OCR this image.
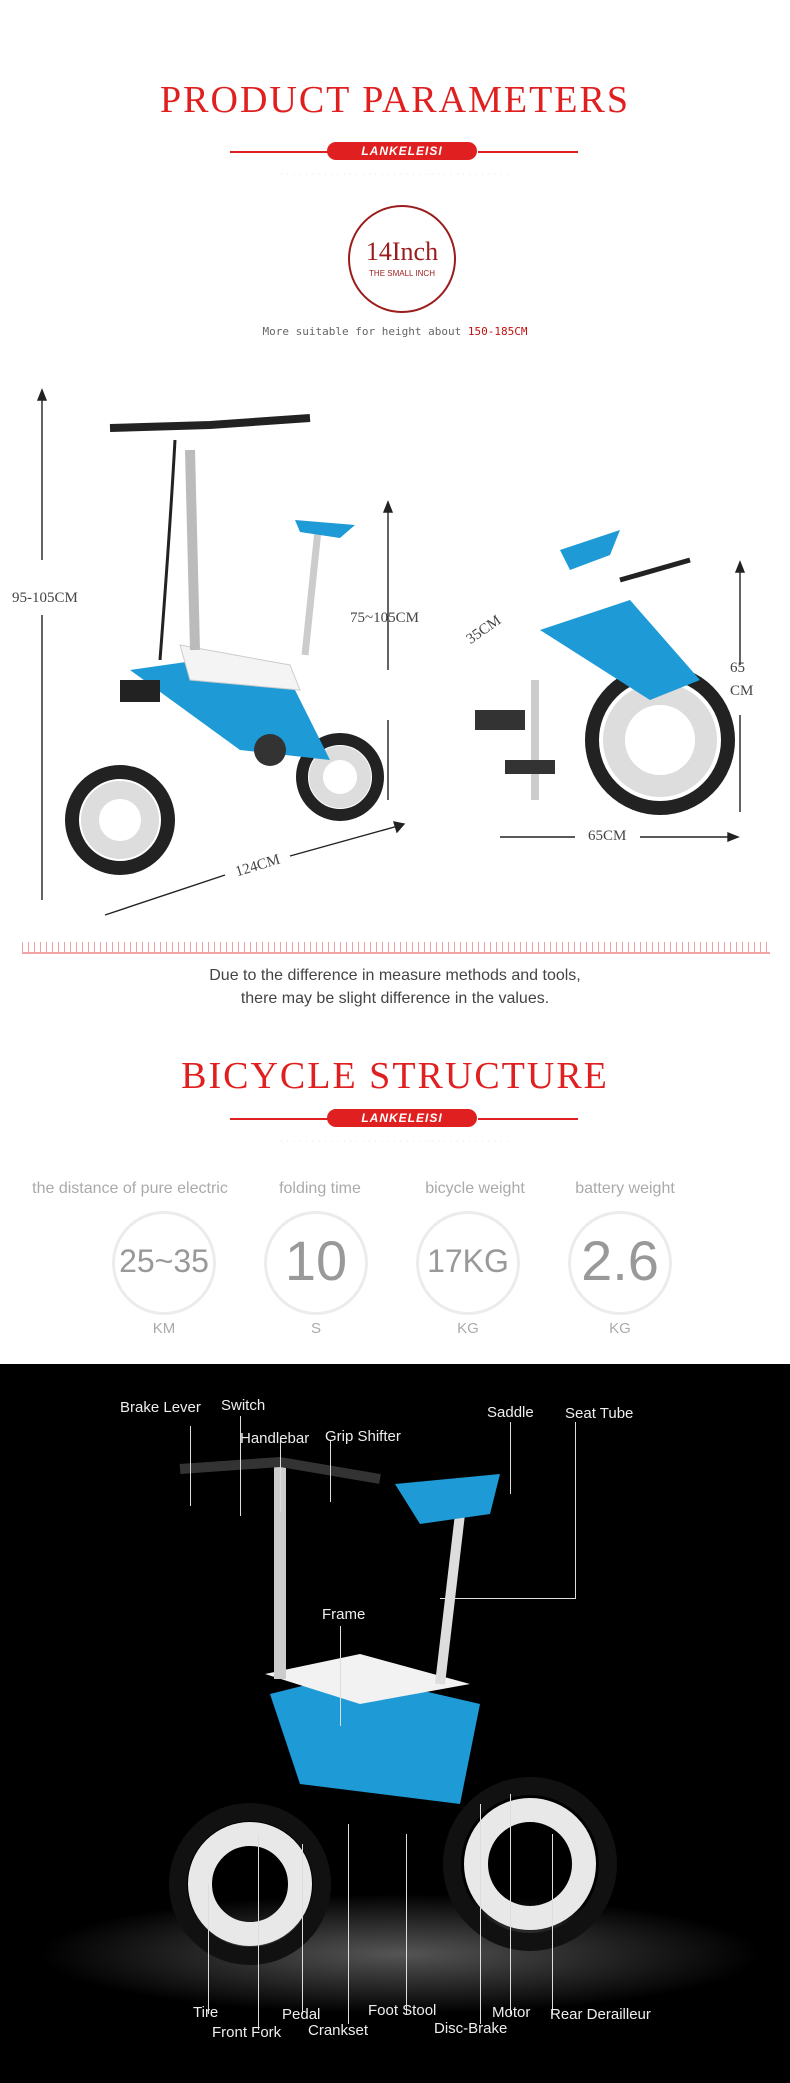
PRODUCT PARAMETERS
LANKELEISI
· · · · · · · · · · · · · · · · · · · · · · · · · · · · · · · · · · · · ·
14Inch
THE SMALL INCH
More suitable for height about 150-185CM
95-105CM
75~105CM
124CM
35CM
65
CM
65CM
Due to the difference in measure methods and tools,
there may be slight difference in the values.
BICYCLE STRUCTURE
LANKELEISI
· · · · · · · · · · · · · · · · · · · · · · · · · · · · · · · · · · · · ·
the distance of pure electric	folding time	bicycle weight	battery weight
25~35	10	17KG	2.6
KM	S	KG	KG
Brake Lever Switch
Handlebar Grip Shifter
Saddle Seat Tube
Frame
Tire
Front Fork
Pedal
Crankset
Foot Stool
Disc-Brake
Motor Rear Derailleur
